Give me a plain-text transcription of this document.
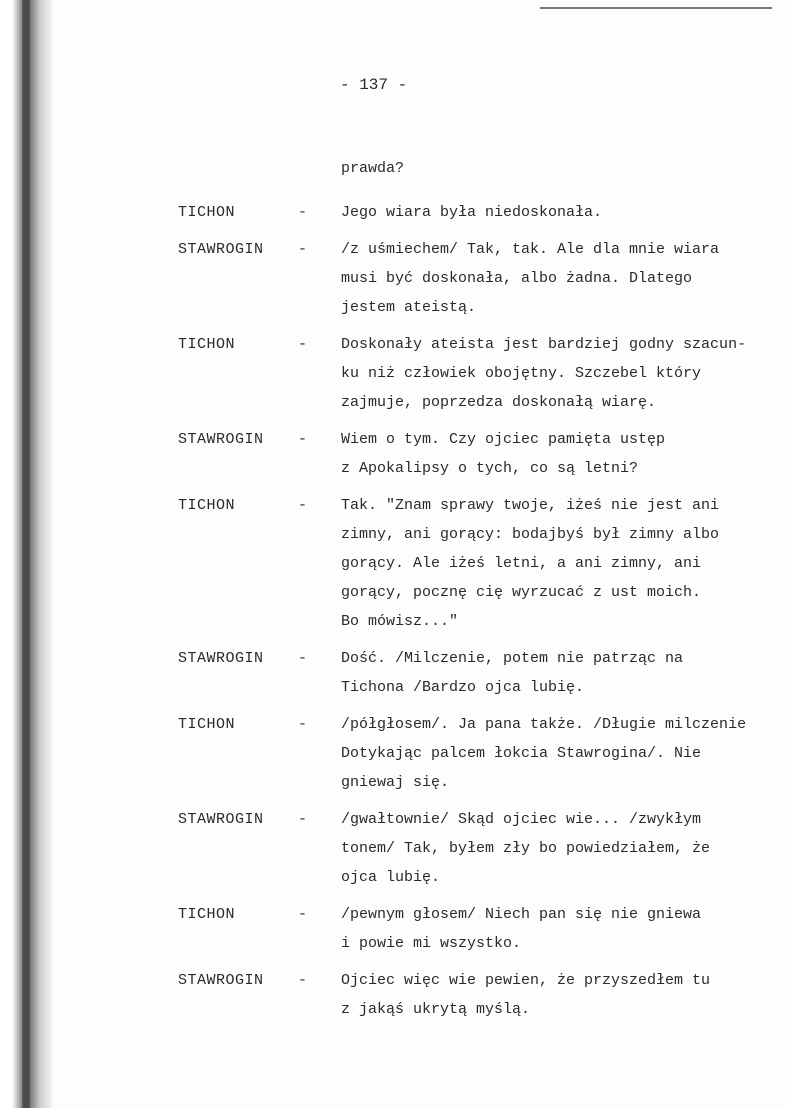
- 137 -
prawda?
TICHON	-	Jego wiara była niedoskonała.
STAWROGIN	-	/z uśmiechem/ Tak, tak. Ale dla mnie wiara
musi być doskonała, albo żadna. Dlatego
jestem ateistą.
TICHON	-	Doskonały ateista jest bardziej godny szacun-
ku niż człowiek obojętny. Szczebel który
zajmuje, poprzedza doskonałą wiarę.
STAWROGIN	-	Wiem o tym. Czy ojciec pamięta ustęp
z Apokalipsy o tych, co są letni?
TICHON	-	Tak. "Znam sprawy twoje, iżeś nie jest ani
zimny, ani gorący: bodajbyś był zimny albo
gorący. Ale iżeś letni, a ani zimny, ani
gorący, pocznę cię wyrzucać z ust moich.
Bo mówisz..."
STAWROGIN	-	Dość. /Milczenie, potem nie patrząc na
Tichona /Bardzo ojca lubię.
TICHON	-	/półgłosem/. Ja pana także. /Długie milczenie
Dotykając palcem łokcia Stawrogina/. Nie
gniewaj się.
STAWROGIN	-	/gwałtownie/ Skąd ojciec wie... /zwykłym
tonem/ Tak, byłem zły bo powiedziałem, że
ojca lubię.
TICHON	-	/pewnym głosem/ Niech pan się nie gniewa
i powie mi wszystko.
STAWROGIN	-	Ojciec więc wie pewien, że przyszedłem tu
z jakąś ukrytą myślą.
